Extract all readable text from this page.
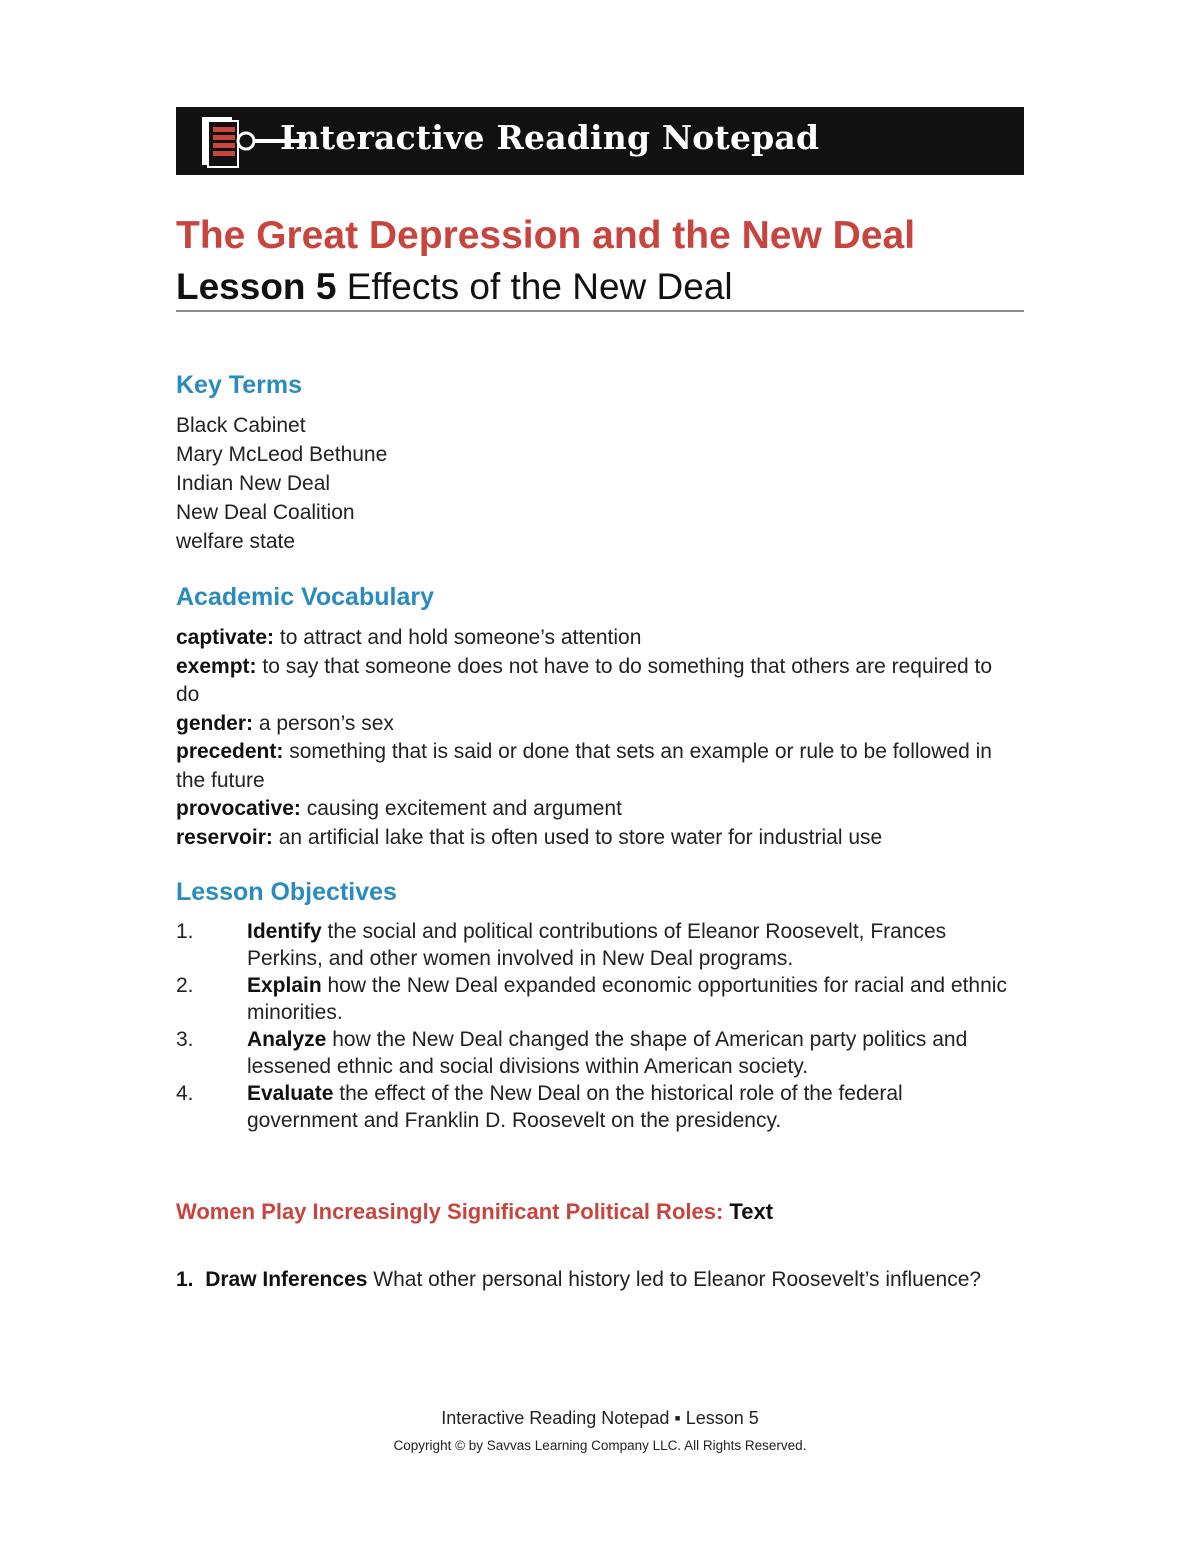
Interactive Reading Notepad
The Great Depression and the New Deal
Lesson 5 Effects of the New Deal
Key Terms
Black Cabinet
Mary McLeod Bethune
Indian New Deal
New Deal Coalition
welfare state
Academic Vocabulary
captivate: to attract and hold someone’s attention
exempt: to say that someone does not have to do something that others are required to do
gender: a person’s sex
precedent: something that is said or done that sets an example or rule to be followed in the future
provocative: causing excitement and argument
reservoir: an artificial lake that is often used to store water for industrial use
Lesson Objectives
1.	Identify the social and political contributions of Eleanor Roosevelt, Frances Perkins, and other women involved in New Deal programs.
2.	Explain how the New Deal expanded economic opportunities for racial and ethnic minorities.
3.	Analyze how the New Deal changed the shape of American party politics and lessened ethnic and social divisions within American society.
4.	Evaluate the effect of the New Deal on the historical role of the federal government and Franklin D. Roosevelt on the presidency.
Women Play Increasingly Significant Political Roles: Text
1. Draw Inferences What other personal history led to Eleanor Roosevelt’s influence?
Interactive Reading Notepad ▪ Lesson 5
Copyright © by Savvas Learning Company LLC. All Rights Reserved.
